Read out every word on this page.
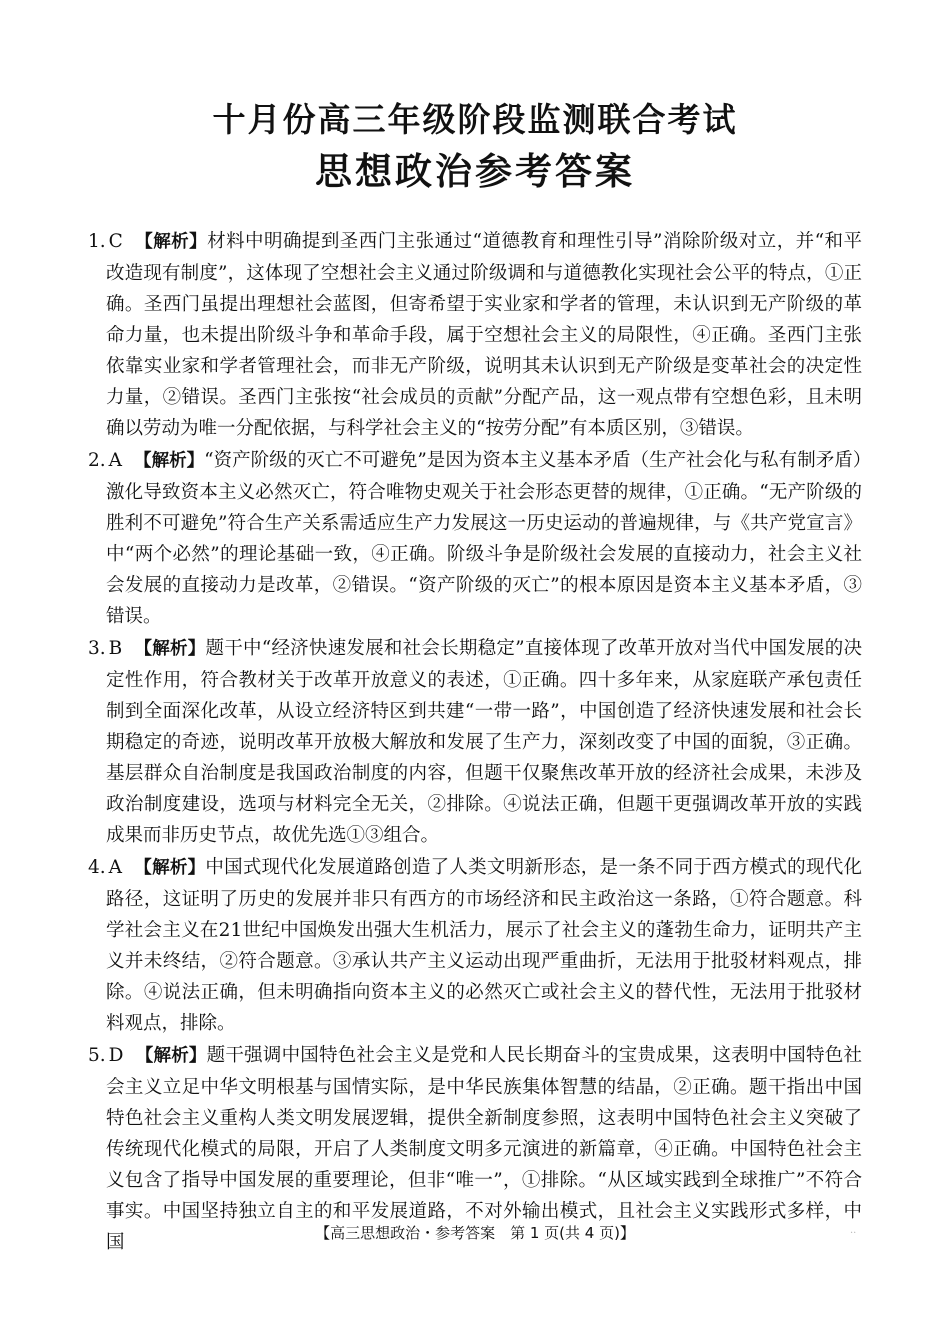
十月份高三年级阶段监测联合考试
思想政治参考答案

1. C 【解析】材料中明确提到圣西门主张通过“道德教育和理性引导”消除阶级对立，并“和平改造现有制度”，这体现了空想社会主义通过阶级调和与道德教化实现社会公平的特点，①正确。圣西门虽提出理想社会蓝图，但寄希望于实业家和学者的管理，未认识到无产阶级的革命力量，也未提出阶级斗争和革命手段，属于空想社会主义的局限性，④正确。圣西门主张依靠实业家和学者管理社会，而非无产阶级，说明其未认识到无产阶级是变革社会的决定性力量，②错误。圣西门主张按“社会成员的贡献”分配产品，这一观点带有空想色彩，且未明确以劳动为唯一分配依据，与科学社会主义的“按劳分配”有本质区别，③错误。

2. A 【解析】“资产阶级的灭亡不可避免”是因为资本主义基本矛盾（生产社会化与私有制矛盾）激化导致资本主义必然灭亡，符合唯物史观关于社会形态更替的规律，①正确。“无产阶级的胜利不可避免”符合生产关系需适应生产力发展这一历史运动的普遍规律，与《共产党宣言》中“两个必然”的理论基础一致，④正确。阶级斗争是阶级社会发展的直接动力，社会主义社会发展的直接动力是改革，②错误。“资产阶级的灭亡”的根本原因是资本主义基本矛盾，③错误。

3. B 【解析】题干中“经济快速发展和社会长期稳定”直接体现了改革开放对当代中国发展的决定性作用，符合教材关于改革开放意义的表述，①正确。四十多年来，从家庭联产承包责任制到全面深化改革，从设立经济特区到共建“一带一路”，中国创造了经济快速发展和社会长期稳定的奇迹，说明改革开放极大解放和发展了生产力，深刻改变了中国的面貌，③正确。基层群众自治制度是我国政治制度的内容，但题干仅聚焦改革开放的经济社会成果，未涉及政治制度建设，选项与材料完全无关，②排除。④说法正确，但题干更强调改革开放的实践成果而非历史节点，故优先选①③组合。

4. A 【解析】中国式现代化发展道路创造了人类文明新形态，是一条不同于西方模式的现代化路径，这证明了历史的发展并非只有西方的市场经济和民主政治这一条路，①符合题意。科学社会主义在21世纪中国焕发出强大生机活力，展示了社会主义的蓬勃生命力，证明共产主义并未终结，②符合题意。③承认共产主义运动出现严重曲折，无法用于批驳材料观点，排除。④说法正确，但未明确指向资本主义的必然灭亡或社会主义的替代性，无法用于批驳材料观点，排除。

5. D 【解析】题干强调中国特色社会主义是党和人民长期奋斗的宝贵成果，这表明中国特色社会主义立足中华文明根基与国情实际，是中华民族集体智慧的结晶，②正确。题干指出中国特色社会主义重构人类文明发展逻辑，提供全新制度参照，这表明中国特色社会主义突破了传统现代化模式的局限，开启了人类制度文明多元演进的新篇章，④正确。中国特色社会主义包含了指导中国发展的重要理论，但非“唯一”，①排除。“从区域实践到全球推广”不符合事实。中国坚持独立自主的和平发展道路，不对外输出模式，且社会主义实践形式多样，中国	【高三思想政治・参考答案　第 1 页(共 4 页)】	··
